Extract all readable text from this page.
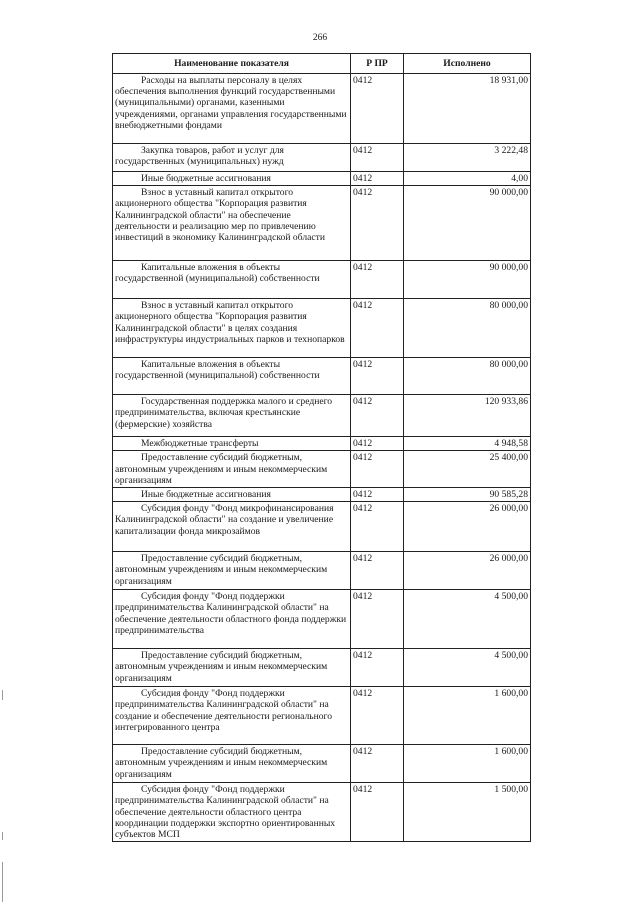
266
Наименование показателя	Р ПР	Исполнено
Расходы на выплаты персоналу в целях обеспечения выполнения функций государственными (муниципальными) органами, казенными учреждениями, органами управления государственными внебюджетными фондами	0412	18 931,00
Закупка товаров, работ и услуг для государственных (муниципальных) нужд	0412	3 222,48
Иные бюджетные ассигнования	0412	4,00
Взнос в уставный капитал открытого акционерного общества "Корпорация развития Калининградской области" на обеспечение деятельности и реализацию мер по привлечению инвестиций в экономику Калининградской области	0412	90 000,00
Капитальные вложения в объекты государственной (муниципальной) собственности	0412	90 000,00
Взнос в уставный капитал открытого акционерного общества "Корпорация развития Калининградской области" в целях создания инфраструктуры индустриальных парков и технопарков	0412	80 000,00
Капитальные вложения в объекты государственной (муниципальной) собственности	0412	80 000,00
Государственная поддержка малого и среднего предпринимательства, включая крестьянские (фермерские) хозяйства	0412	120 933,86
Межбюджетные трансферты	0412	4 948,58
Предоставление субсидий бюджетным, автономным учреждениям и иным некоммерческим организациям	0412	25 400,00
Иные бюджетные ассигнования	0412	90 585,28
Субсидия фонду "Фонд микрофинансирования Калининградской области" на создание и увеличение капитализации фонда микрозаймов	0412	26 000,00
Предоставление субсидий бюджетным, автономным учреждениям и иным некоммерческим организациям	0412	26 000,00
Субсидия фонду "Фонд поддержки предпринимательства Калининградской области" на обеспечение деятельности областного фонда поддержки предпринимательства	0412	4 500,00
Предоставление субсидий бюджетным, автономным учреждениям и иным некоммерческим организациям	0412	4 500,00
Субсидия фонду "Фонд поддержки предпринимательства Калининградской области" на создание и обеспечение деятельности регионального интегрированного центра	0412	1 600,00
Предоставление субсидий бюджетным, автономным учреждениям и иным некоммерческим организациям	0412	1 600,00
Субсидия фонду "Фонд поддержки предпринимательства Калининградской области" на обеспечение деятельности областного центра координации поддержки экспортно ориентированных субъектов МСП	0412	1 500,00
